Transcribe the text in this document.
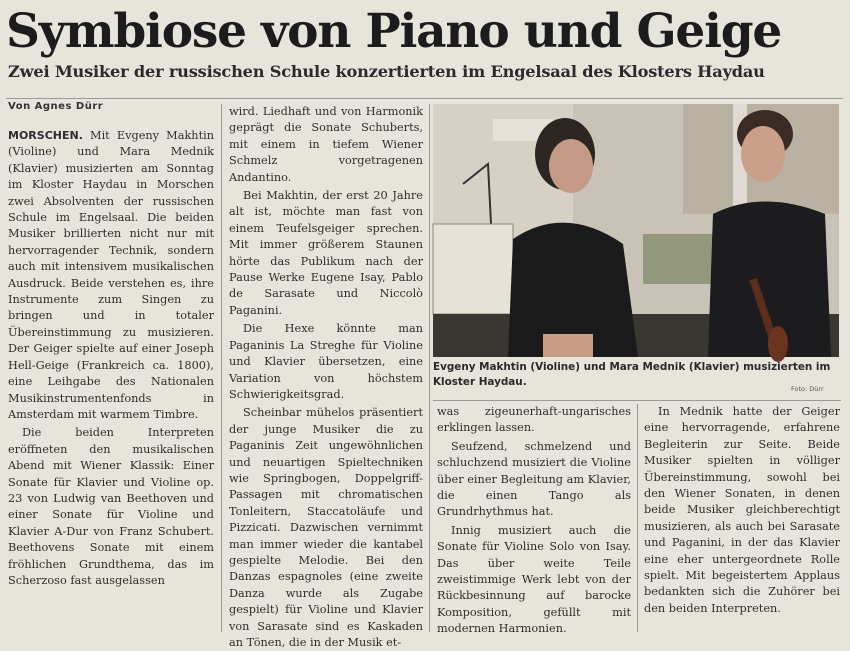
Symbiose von Piano und Geige
Zwei Musiker der russischen Schule konzertierten im Engelsaal des Klosters Haydau
Von Agnes Dürr

MORSCHEN. Mit Evgeny Makhtin (Violine) und Mara Mednik (Klavier) musizierten am Sonntag im Kloster Haydau in Morschen zwei Absolventen der russischen Schule im Engelsaal. Die beiden Musiker brillierten nicht nur mit hervorragender Technik, sondern auch mit intensivem musikalischen Ausdruck. Beide verstehen es, ihre Instrumente zum Singen zu bringen und in totaler Übereinstimmung zu musizieren. Der Geiger spielte auf einer Joseph Hell-Geige (Frankreich ca. 1800), eine Leihgabe des Nationalen Musikinstrumentenfonds in Amsterdam mit warmem Timbre.

Die beiden Interpreten eröffneten den musikalischen Abend mit Wiener Klassik: Einer Sonate für Klavier und Violine op. 23 von Ludwig van Beethoven und einer Sonate für Violine und Klavier A-Dur von Franz Schubert. Beethovens Sonate mit einem fröhlichen Grundthema, das im Scherzoso fast ausgelassen

wird. Liedhaft und von Harmonik geprägt die Sonate Schuberts, mit einem in tiefem Wiener Schmelz vorgetragenen Andantino.

Bei Makhtin, der erst 20 Jahre alt ist, möchte man fast von einem Teufelsgeiger sprechen. Mit immer größerem Staunen hörte das Publikum nach der Pause Werke Eugene Isay, Pablo de Sarasate und Niccolò Paganini.

Die Hexe könnte man Paganinis La Streghe für Violine und Klavier übersetzen, eine Variation von höchstem Schwierigkeitsgrad.

Scheinbar mühelos präsentiert der junge Musiker die zu Paganinis Zeit ungewöhnlichen und neuartigen Spieltechniken wie Springbogen, Doppelgriff-Passagen mit chromatischen Tonleitern, Staccatoläufe und Pizzicati. Dazwischen vernimmt man immer wieder die kantabel gespielte Melodie. Bei den Danzas espagnoles (eine zweite Danza wurde als Zugabe gespielt) für Violine und Klavier von Sarasate sind es Kaskaden an Tönen, die in der Musik et-

Evgeny Makhtin (Violine) und Mara Mednik (Klavier) musizierten im Kloster Haydau.
Foto: Dürr

was zigeunerhaft-ungarisches erklingen lassen.

Seufzend, schmelzend und schluchzend musiziert die Violine über einer Begleitung am Klavier, die einen Tango als Grundrhythmus hat.

Innig musiziert auch die Sonate für Violine Solo von Isay. Das über weite Teile zweistimmige Werk lebt von der Rückbesinnung auf barocke Komposition, gefüllt mit modernen Harmonien.

In Mednik hatte der Geiger eine hervorragende, erfahrene Begleiterin zur Seite. Beide Musiker spielten in völliger Übereinstimmung, sowohl bei den Wiener Sonaten, in denen beide Musiker gleichberechtigt musizieren, als auch bei Sarasate und Paganini, in der das Klavier eine eher untergeordnete Rolle spielt. Mit begeistertem Applaus bedankten sich die Zuhörer bei den beiden Interpreten.
